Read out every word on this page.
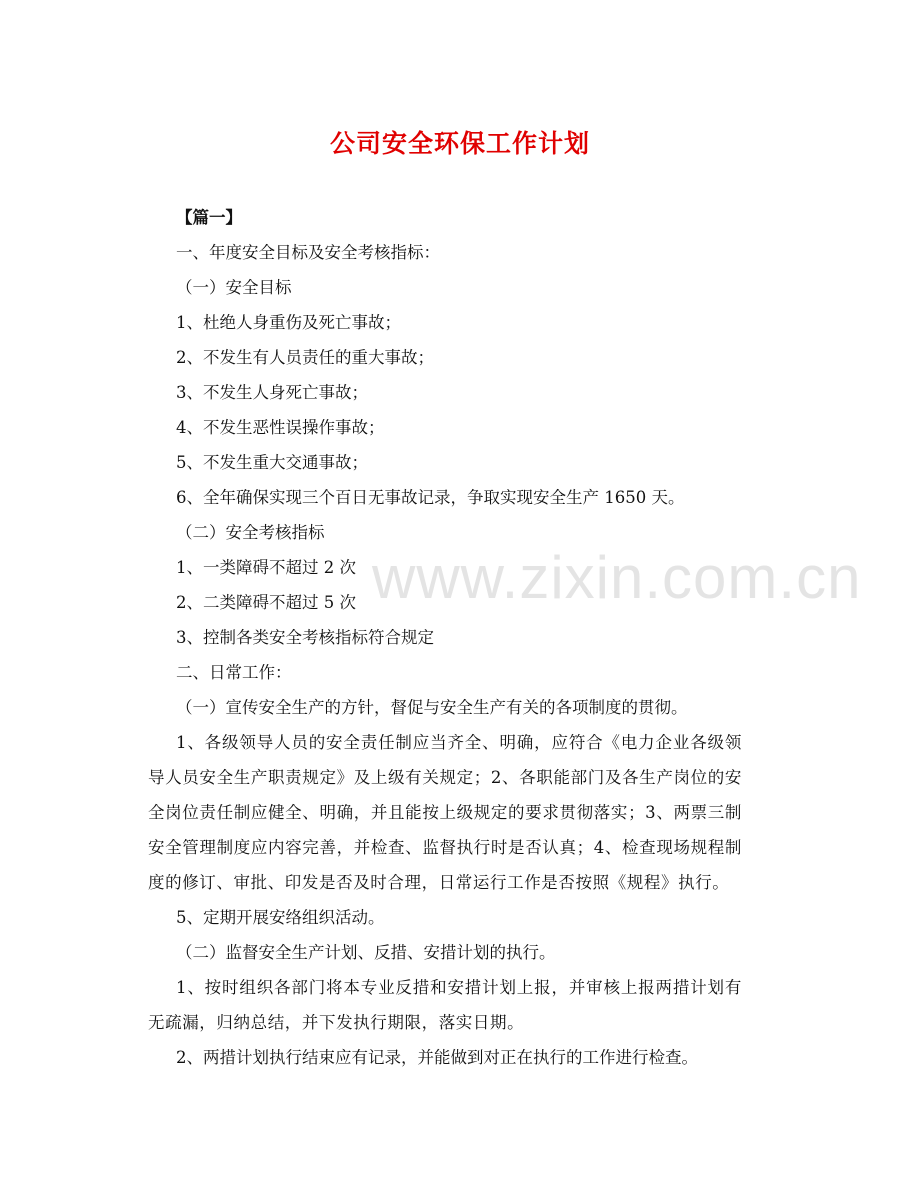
公司安全环保工作计划
www.zixin.com.cn
【篇一】
一、年度安全目标及安全考核指标：
（一）安全目标
1、杜绝人身重伤及死亡事故；
2、不发生有人员责任的重大事故；
3、不发生人身死亡事故；
4、不发生恶性误操作事故；
5、不发生重大交通事故；
6、全年确保实现三个百日无事故记录，争取实现安全生产 1650 天。
（二）安全考核指标
1、一类障碍不超过 2 次
2、二类障碍不超过 5 次
3、控制各类安全考核指标符合规定
二、日常工作：
（一）宣传安全生产的方针，督促与安全生产有关的各项制度的贯彻。
1、各级领导人员的安全责任制应当齐全、明确，应符合《电力企业各级领导人员安全生产职责规定》及上级有关规定；2、各职能部门及各生产岗位的安全岗位责任制应健全、明确，并且能按上级规定的要求贯彻落实；3、两票三制安全管理制度应内容完善，并检查、监督执行时是否认真；4、检查现场规程制度的修订、审批、印发是否及时合理，日常运行工作是否按照《规程》执行。
5、定期开展安络组织活动。
（二）监督安全生产计划、反措、安措计划的执行。
1、按时组织各部门将本专业反措和安措计划上报，并审核上报两措计划有无疏漏，归纳总结，并下发执行期限，落实日期。
2、两措计划执行结束应有记录，并能做到对正在执行的工作进行检查。
